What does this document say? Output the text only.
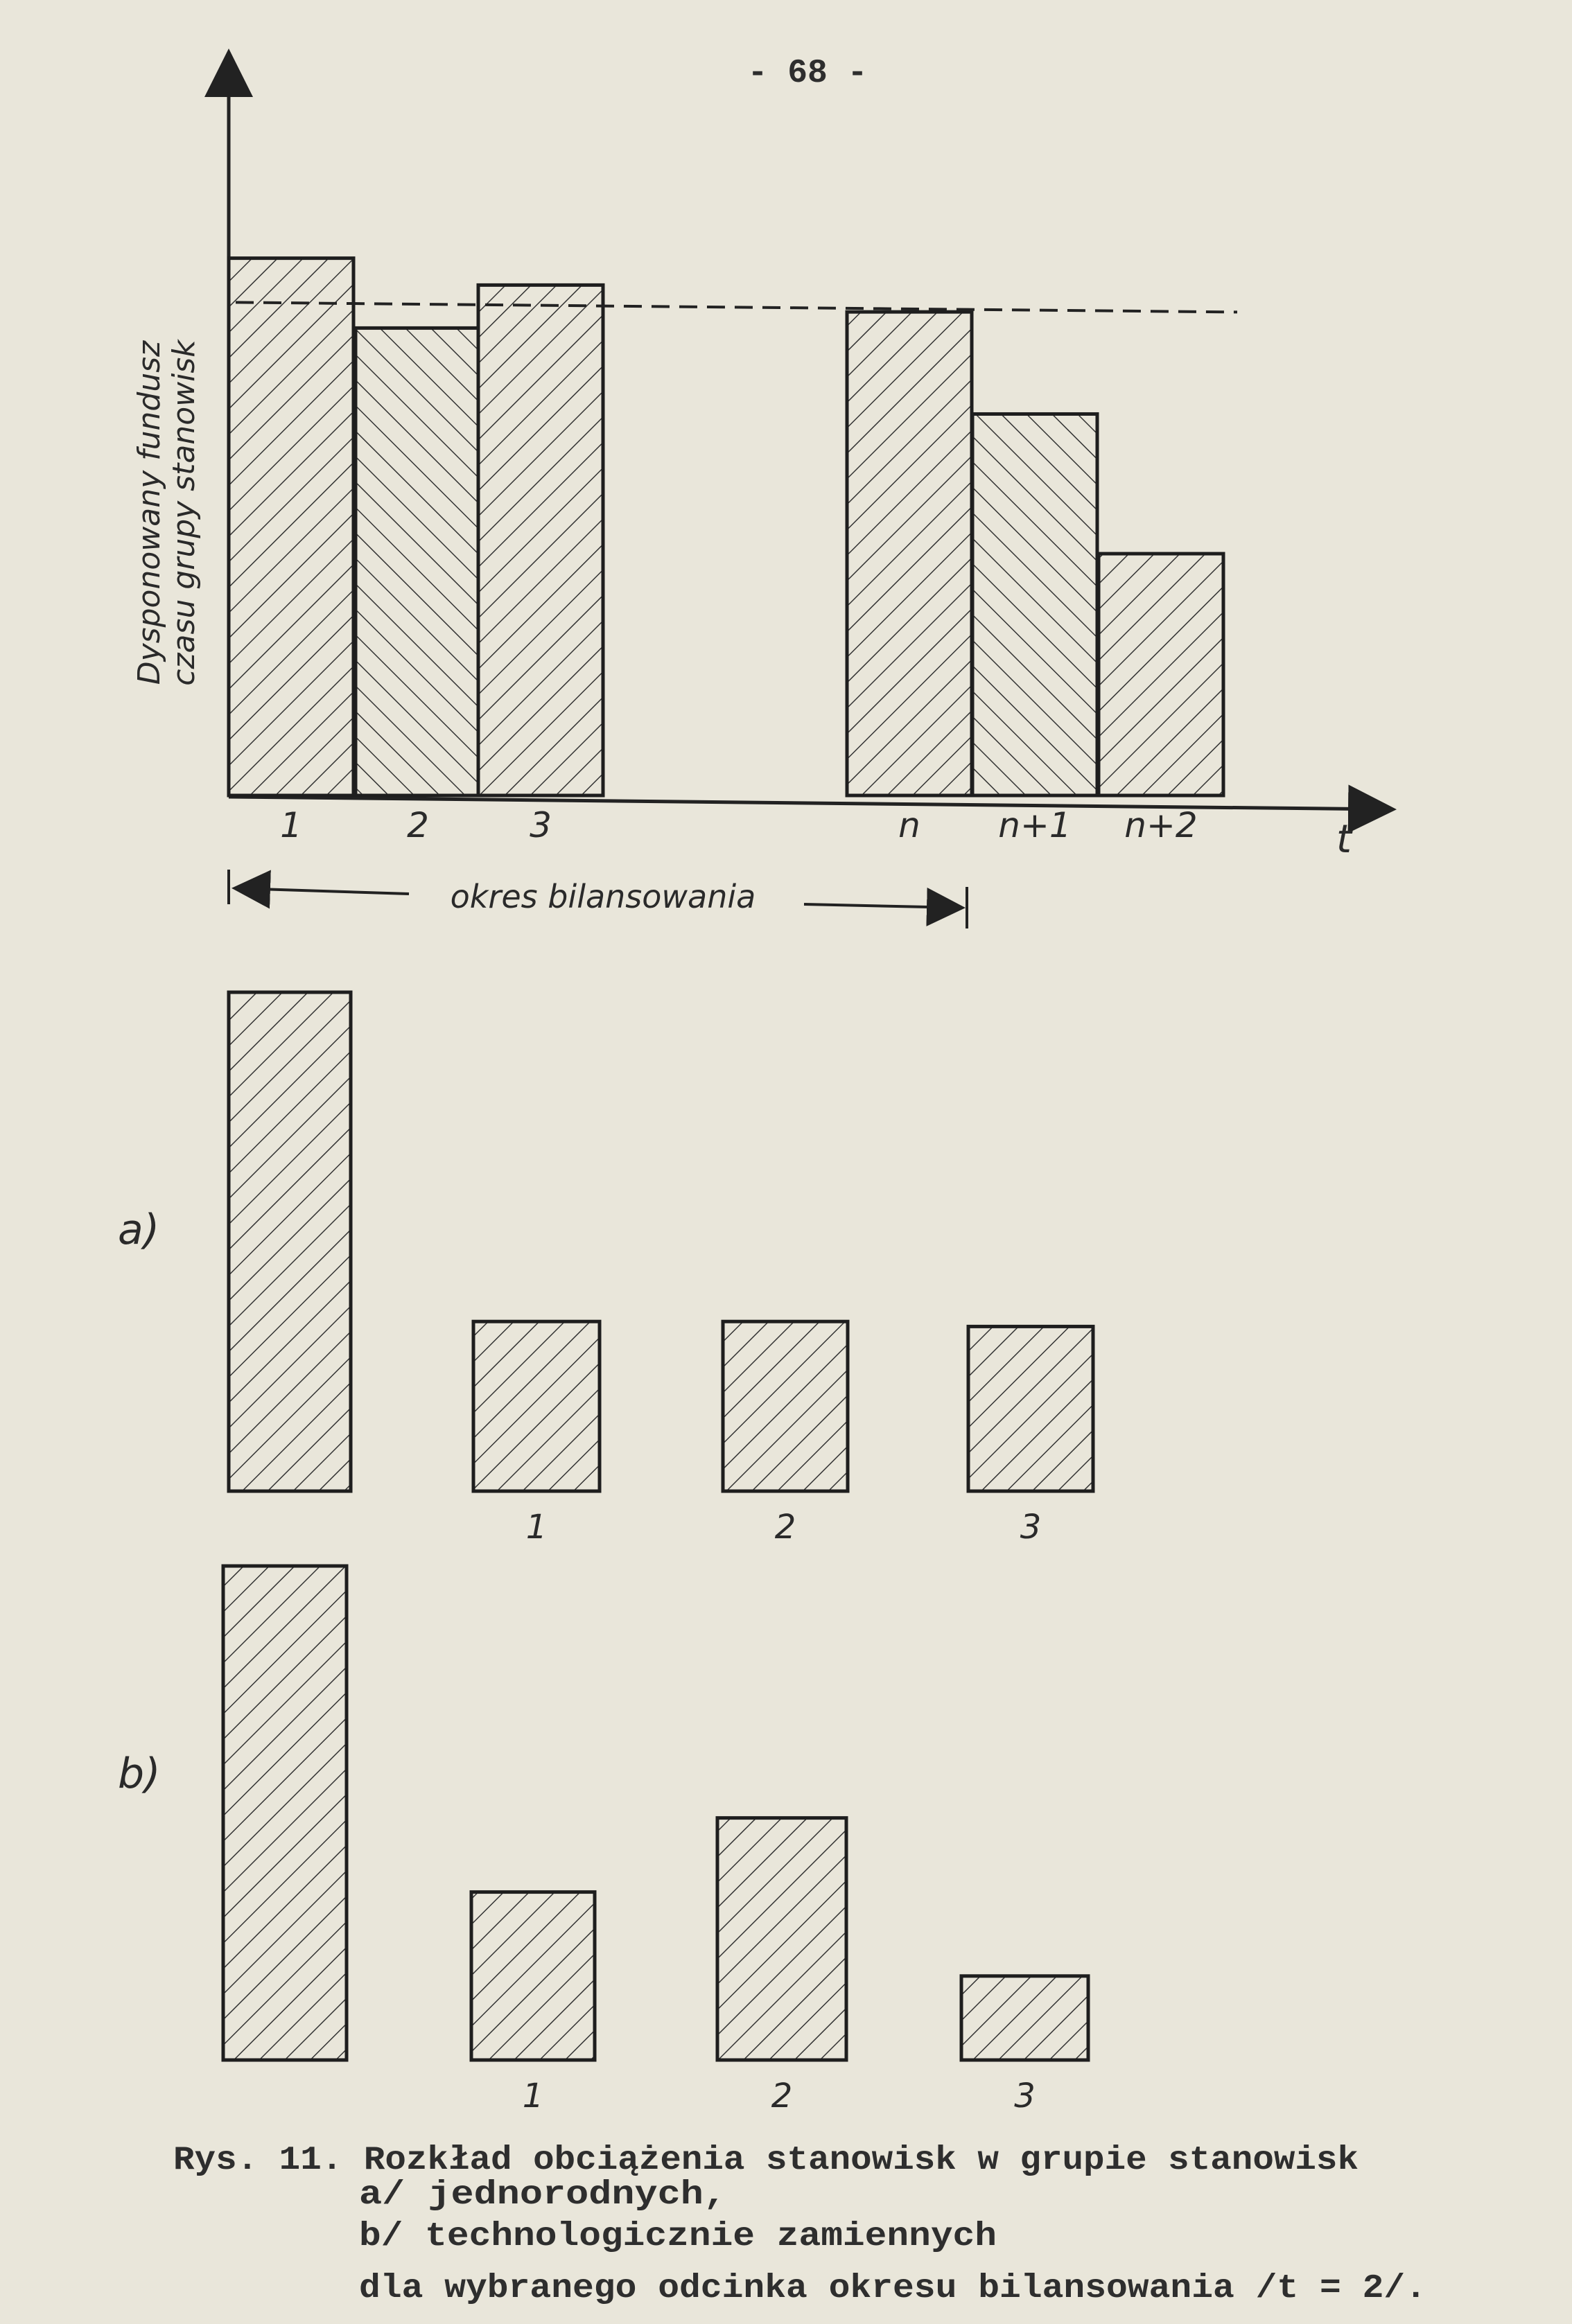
- 68 -
Dysponowany fundusz czasu grupy stanowisk
1	2	3	n n+1 n+2	t
okres bilansowania
a)
1	2	3
b)
1	2	3
Rys. 11. Rozkład obciążenia stanowisk w grupie stanowisk
a/ jednorodnych,
b/ technologicznie zamiennych
dla wybranego odcinka okresu bilansowania /t = 2/.
